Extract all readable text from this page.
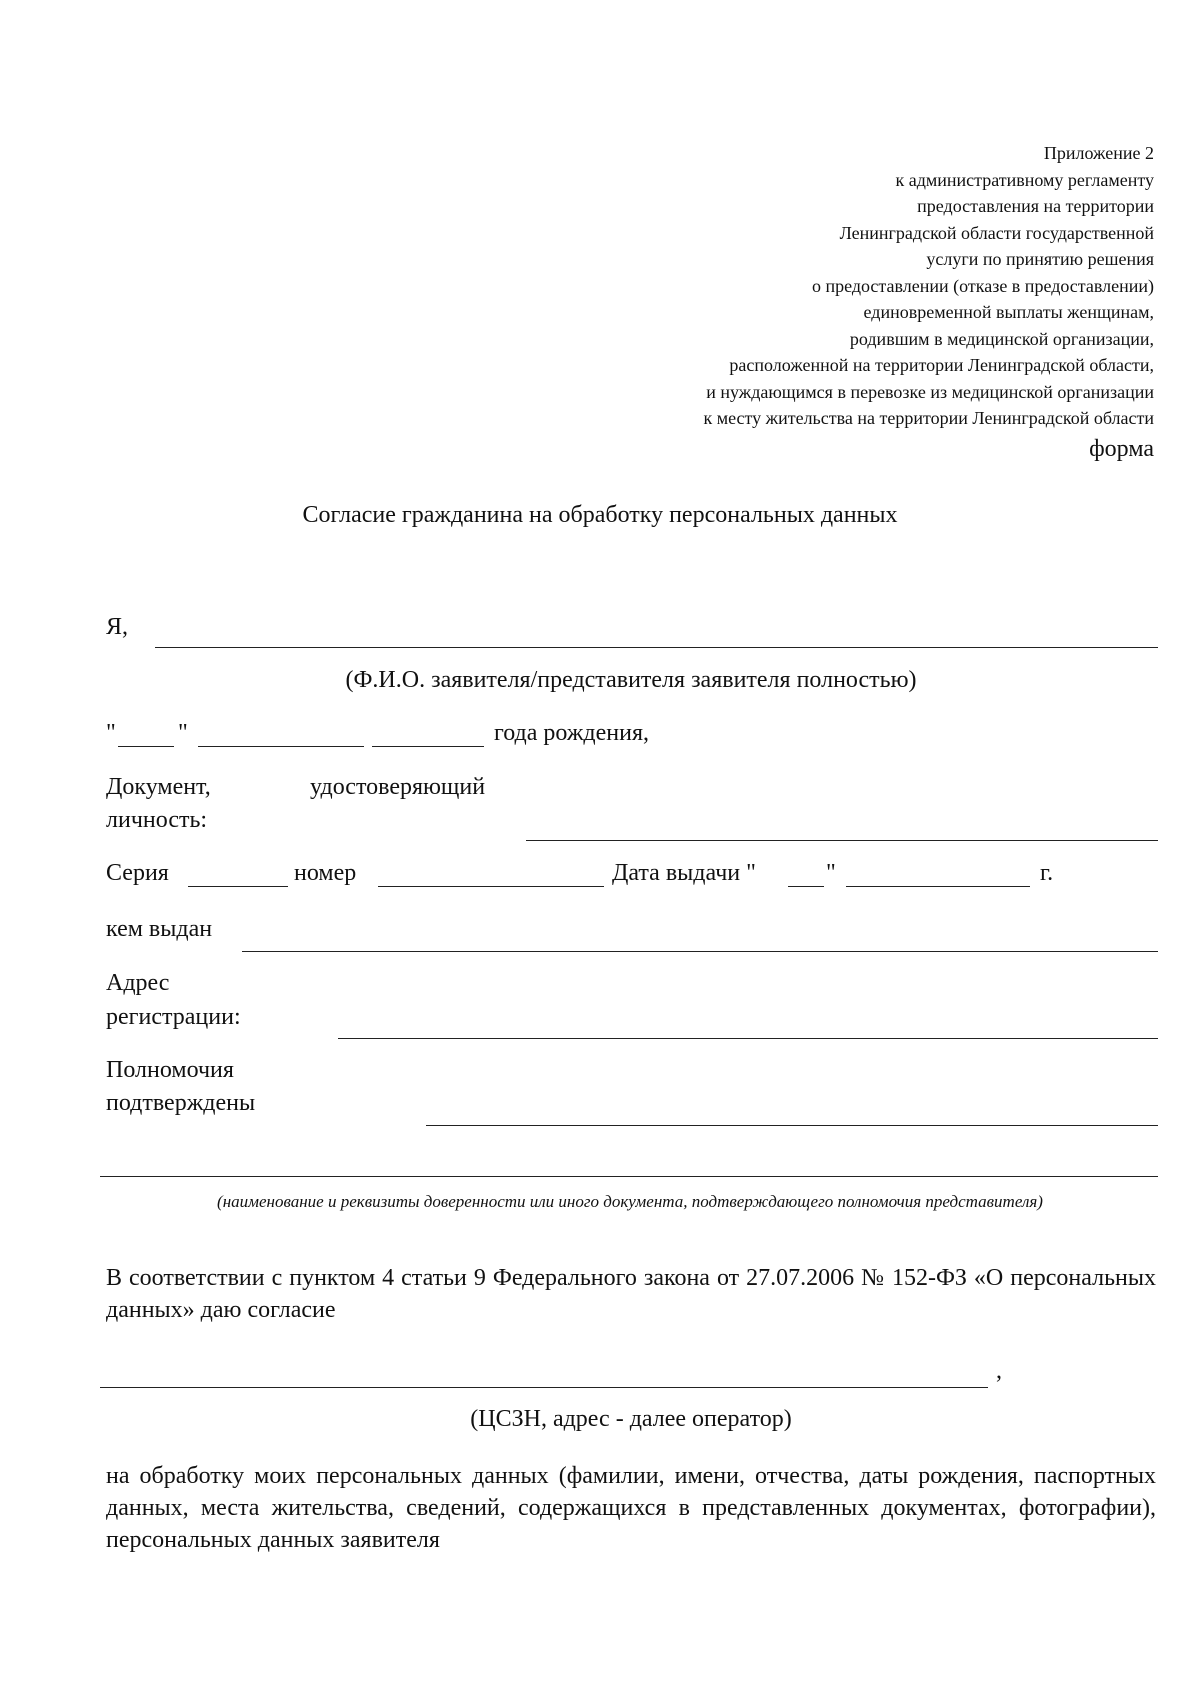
Приложение 2
к административному регламенту
предоставления на территории
Ленинградской области государственной
услуги по принятию решения
о предоставлении (отказе в предоставлении)
единовременной выплаты женщинам,
родившим в медицинской организации,
расположенной на территории Ленинградской области,
и нуждающимся в перевозке из медицинской организации
к месту жительства на территории Ленинградской области
форма
Согласие гражданина на обработку персональных данных
Я,
(Ф.И.О. заявителя/представителя заявителя полностью)
"	"	года рождения,
Документ,	удостоверяющий
личность:
Серия	номер	Дата выдачи "	"	г.
кем выдан
Адрес
регистрации:
Полномочия
подтверждены
(наименование и реквизиты доверенности или иного документа, подтверждающего полномочия представителя)
В соответствии с пунктом 4 статьи 9 Федерального закона от 27.07.2006 № 152-ФЗ «О персональных данных» даю согласие
,
(ЦСЗН, адрес - далее оператор)
на обработку моих персональных данных (фамилии, имени, отчества, даты рождения, паспортных данных, места жительства, сведений, содержащихся в представленных документах, фотографии), персональных данных заявителя
